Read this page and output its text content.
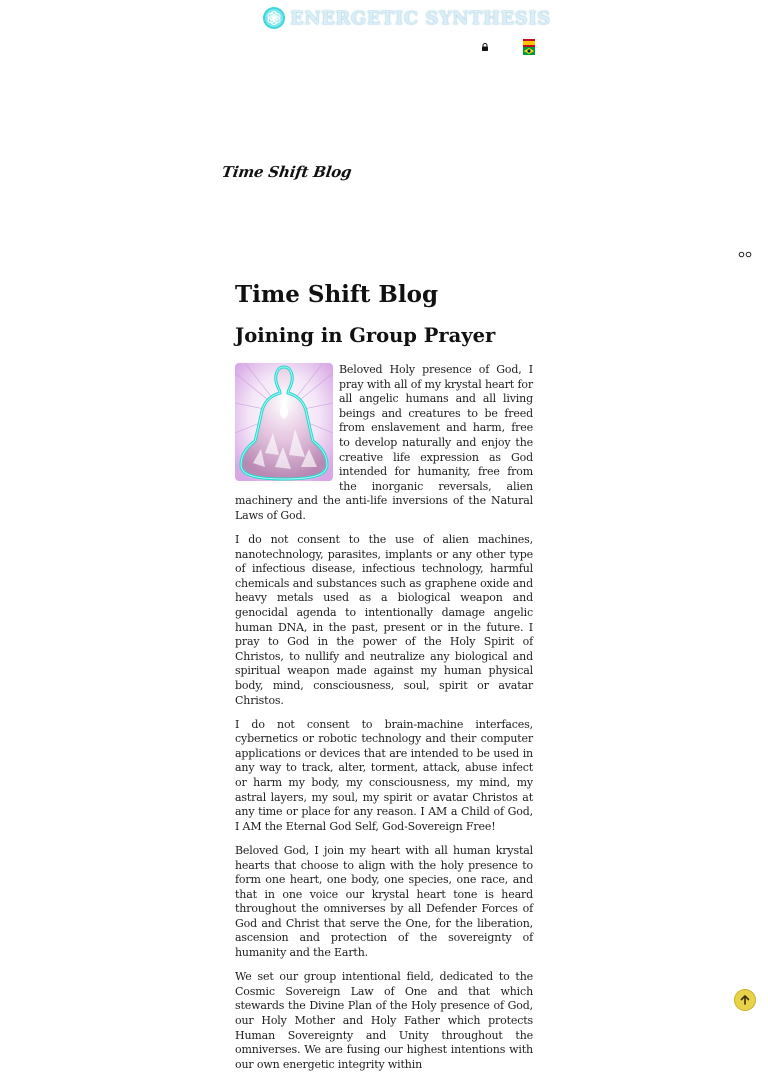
ENERGETIC SYNTHESIS
Time Shift Blog
Time Shift Blog
Joining in Group Prayer

Beloved Holy presence of God, I pray with all of my krystal heart for all angelic humans and all living beings and creatures to be freed from enslavement and harm, free to develop naturally and enjoy the creative life expression as God intended for humanity, free from the inorganic reversals, alien machinery and the anti-life inversions of the Natural Laws of God.

I do not consent to the use of alien machines, nanotechnology, parasites, implants or any other type of infectious disease, infectious technology, harmful chemicals and substances such as graphene oxide and heavy metals used as a biological weapon and genocidal agenda to intentionally damage angelic human DNA, in the past, present or in the future. I pray to God in the power of the Holy Spirit of Christos, to nullify and neutralize any biological and spiritual weapon made against my human physical body, mind, consciousness, soul, spirit or avatar Christos.

I do not consent to brain-machine interfaces, cybernetics or robotic technology and their computer applications or devices that are intended to be used in any way to track, alter, torment, attack, abuse infect or harm my body, my consciousness, my mind, my astral layers, my soul, my spirit or avatar Christos at any time or place for any reason. I AM a Child of God, I AM the Eternal God Self, God-Sovereign Free!

Beloved God, I join my heart with all human krystal hearts that choose to align with the holy presence to form one heart, one body, one species, one race, and that in one voice our krystal heart tone is heard throughout the omniverses by all Defender Forces of God and Christ that serve the One, for the liberation, ascension and protection of the sovereignty of humanity and the Earth.

We set our group intentional field, dedicated to the Cosmic Sovereign Law of One and that which stewards the Divine Plan of the Holy presence of God, our Holy Mother and Holy Father which protects Human Sovereignty and Unity throughout the omniverses. We are fusing our highest intentions with our own energetic integrity within
